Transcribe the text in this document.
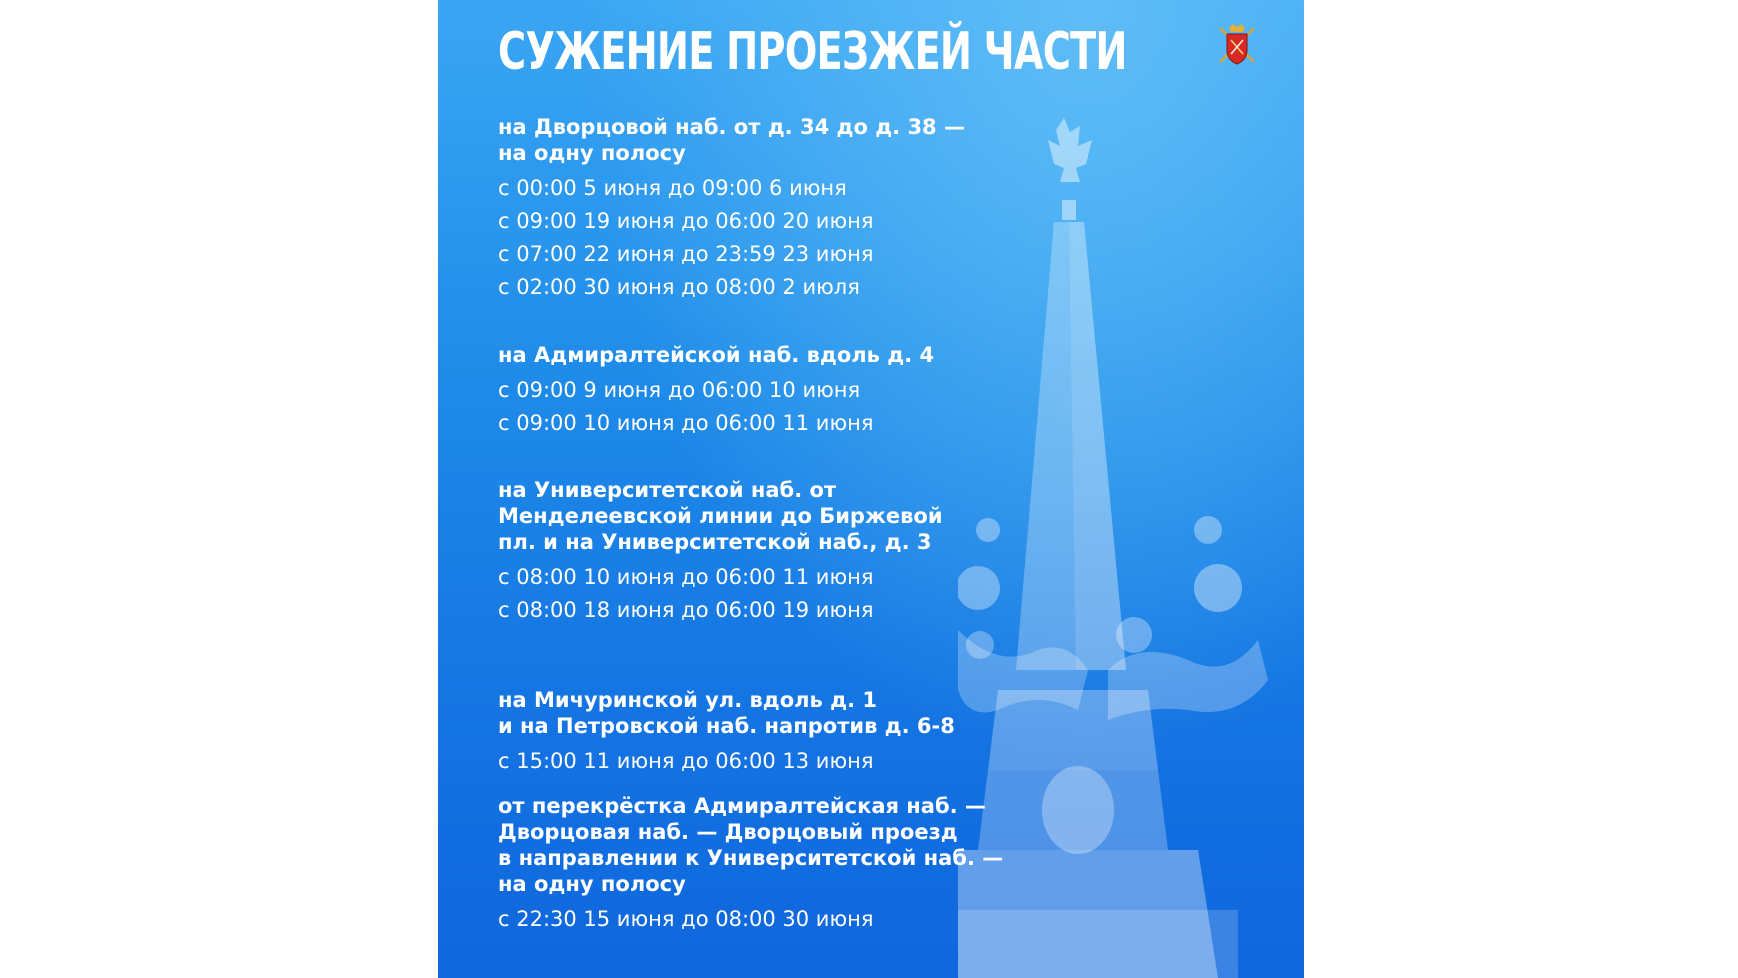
СУЖЕНИЕ ПРОЕЗЖЕЙ ЧАСТИ
на Дворцовой наб. от д. 34 до д. 38 —
на одну полосу
с 00:00 5 июня до 09:00 6 июня
с 09:00 19 июня до 06:00 20 июня
с 07:00 22 июня до 23:59 23 июня
с 02:00 30 июня до 08:00 2 июля
на Адмиралтейской наб. вдоль д. 4
с 09:00 9 июня до 06:00 10 июня
с 09:00 10 июня до 06:00 11 июня
на Университетской наб. от
Менделеевской линии до Биржевой
пл. и на Университетской наб., д. 3
с 08:00 10 июня до 06:00 11 июня
с 08:00 18 июня до 06:00 19 июня
на Мичуринской ул. вдоль д. 1
и на Петровской наб. напротив д. 6-8
с 15:00 11 июня до 06:00 13 июня
от перекрёстка Адмиралтейская наб. —
Дворцовая наб. — Дворцовый проезд
в направлении к Университетской наб. —
на одну полосу
с 22:30 15 июня до 08:00 30 июня
